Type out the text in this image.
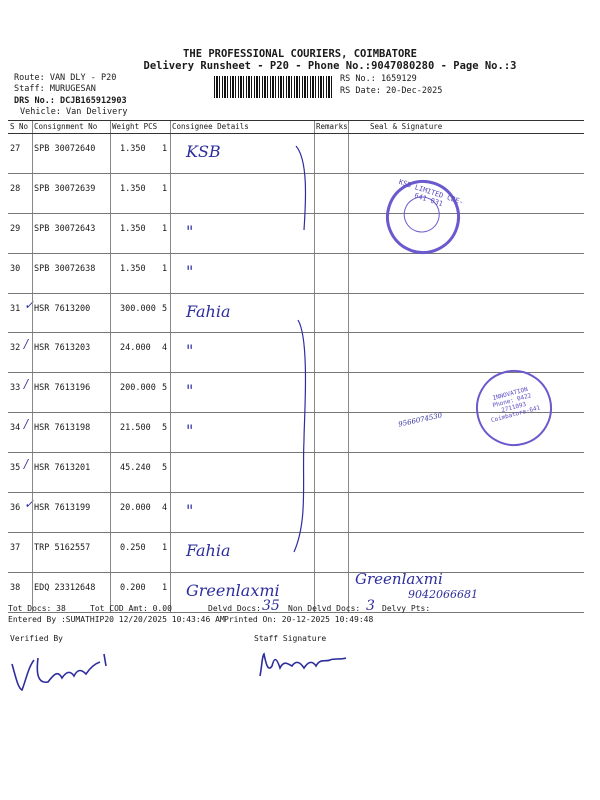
THE PROFESSIONAL COURIERS, COIMBATORE
Delivery Runsheet - P20 - Phone No.:9047080280 - Page No.:3
Route: VAN DLY - P20
Staff: MURUGESAN
DRS No.: DCJB165912903
Vehicle: Van Delivery
RS No.: 1659129
RS Date: 20-Dec-2025
S No Consignment No Weight PCS Consignee Details	Remarks	Seal & Signature
27 SPB 30072640	1.350 1 KSB
28 SPB 30072639	1.350 1
29 SPB 30072643	1.350 1 "
30 SPB 30072638	1.350 1 "
31 ✓ HSR 7613200	300.000 5 Fahia
32 / HSR 7613203	24.000 4 "
33 / HSR 7613196	200.000 5 "
34 / HSR 7613198	21.500 5 "
35 / HSR 7613201	45.240 5
36 ✓ HSR 7613199	20.000 4 "
37 TRP 5162557	0.250 1 Fahia
38 EDQ 23312648	0.200 1 Greenlaxmi
KSB LIMITED CBE-641 031
INNOVATION Phone: 0422 2711093 Coimbatore-641
Greenlaxmi
9042066681
9566074530
Tot Docs: 38	Tot COD Amt: 0.00	Delvd Docs: 35 Non Delvd Docs: 3 Delvy Pts:
Entered By :SUMATHIP20 12/20/2025 10:43:46 AM Printed On: 20-12-2025 10:49:48
Verified By	Staff Signature
